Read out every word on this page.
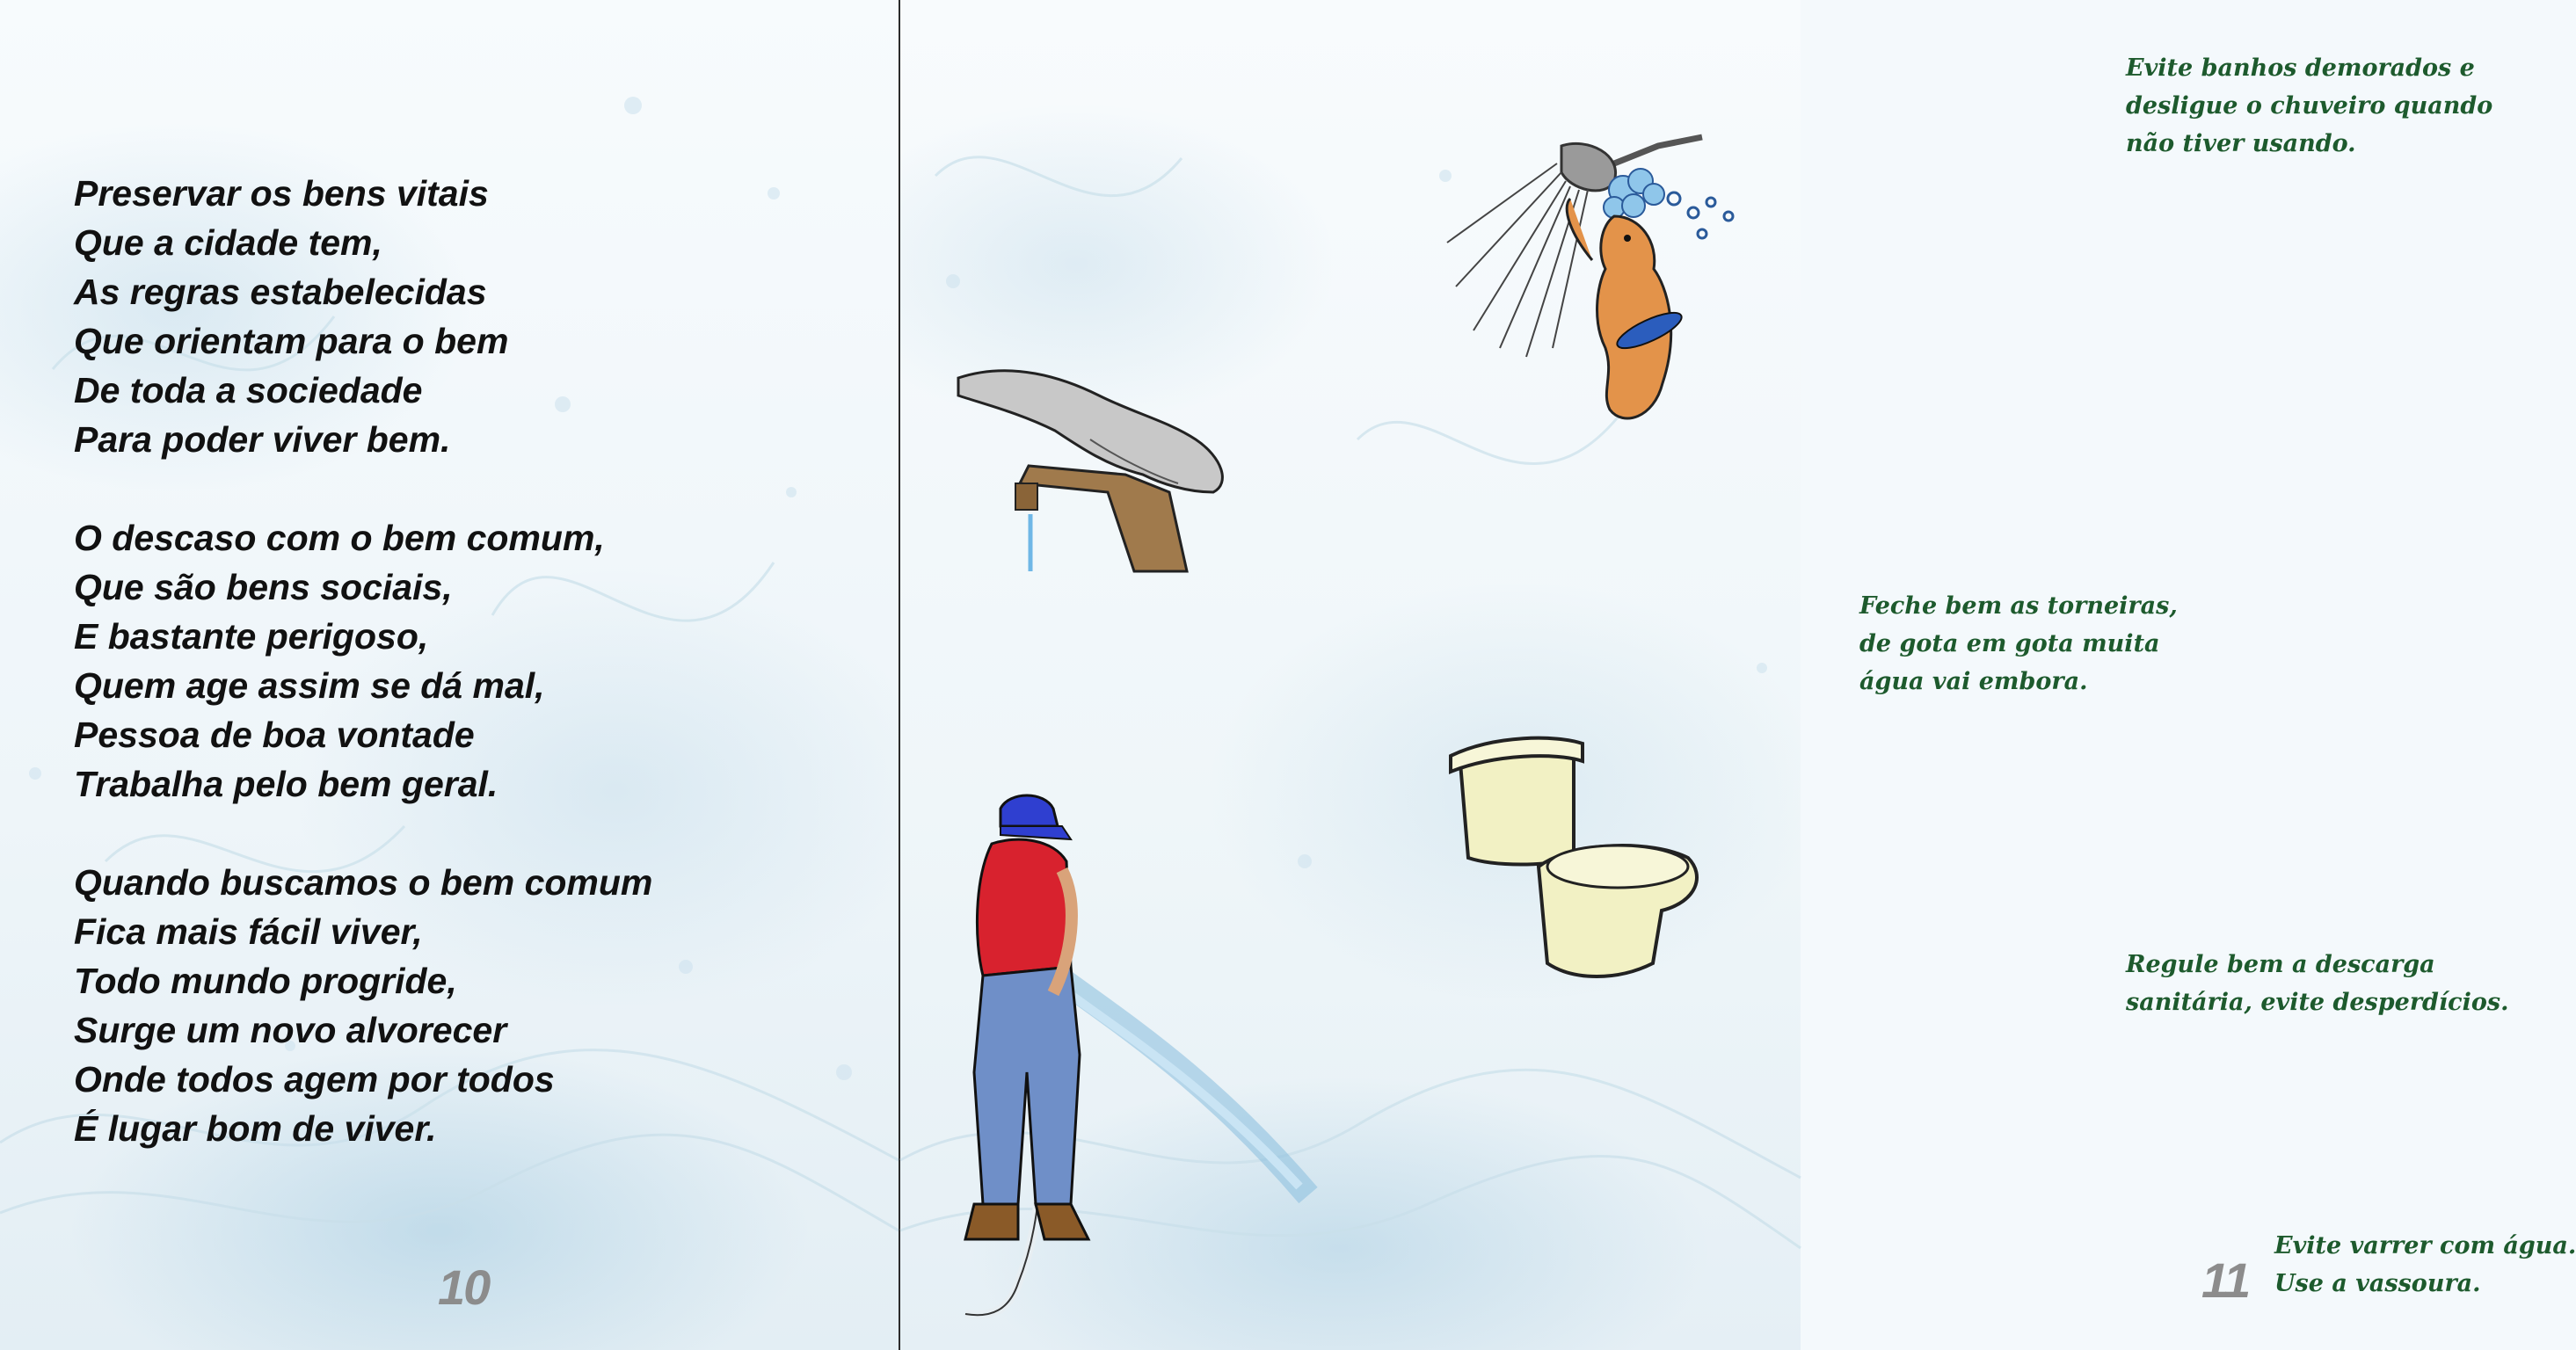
Preservar os bens vitais
Que a cidade tem,
As regras estabelecidas
Que orientam para o bem
De toda a sociedade
Para poder viver bem.
O descaso com o bem comum,
Que são bens sociais,
E bastante perigoso,
Quem age assim se dá mal,
Pessoa de boa vontade
Trabalha pelo bem geral.
Quando buscamos o bem comum
Fica mais fácil viver,
Todo mundo progride,
Surge um novo alvorecer
Onde todos agem por todos
É lugar bom de viver.
10
Evite banhos demorados e
desligue o chuveiro quando
não tiver usando.
Feche bem as torneiras,
de gota em gota muita
água vai embora.
Regule bem a descarga
sanitária, evite desperdícios.
Evite varrer com água.
Use a vassoura.
11
